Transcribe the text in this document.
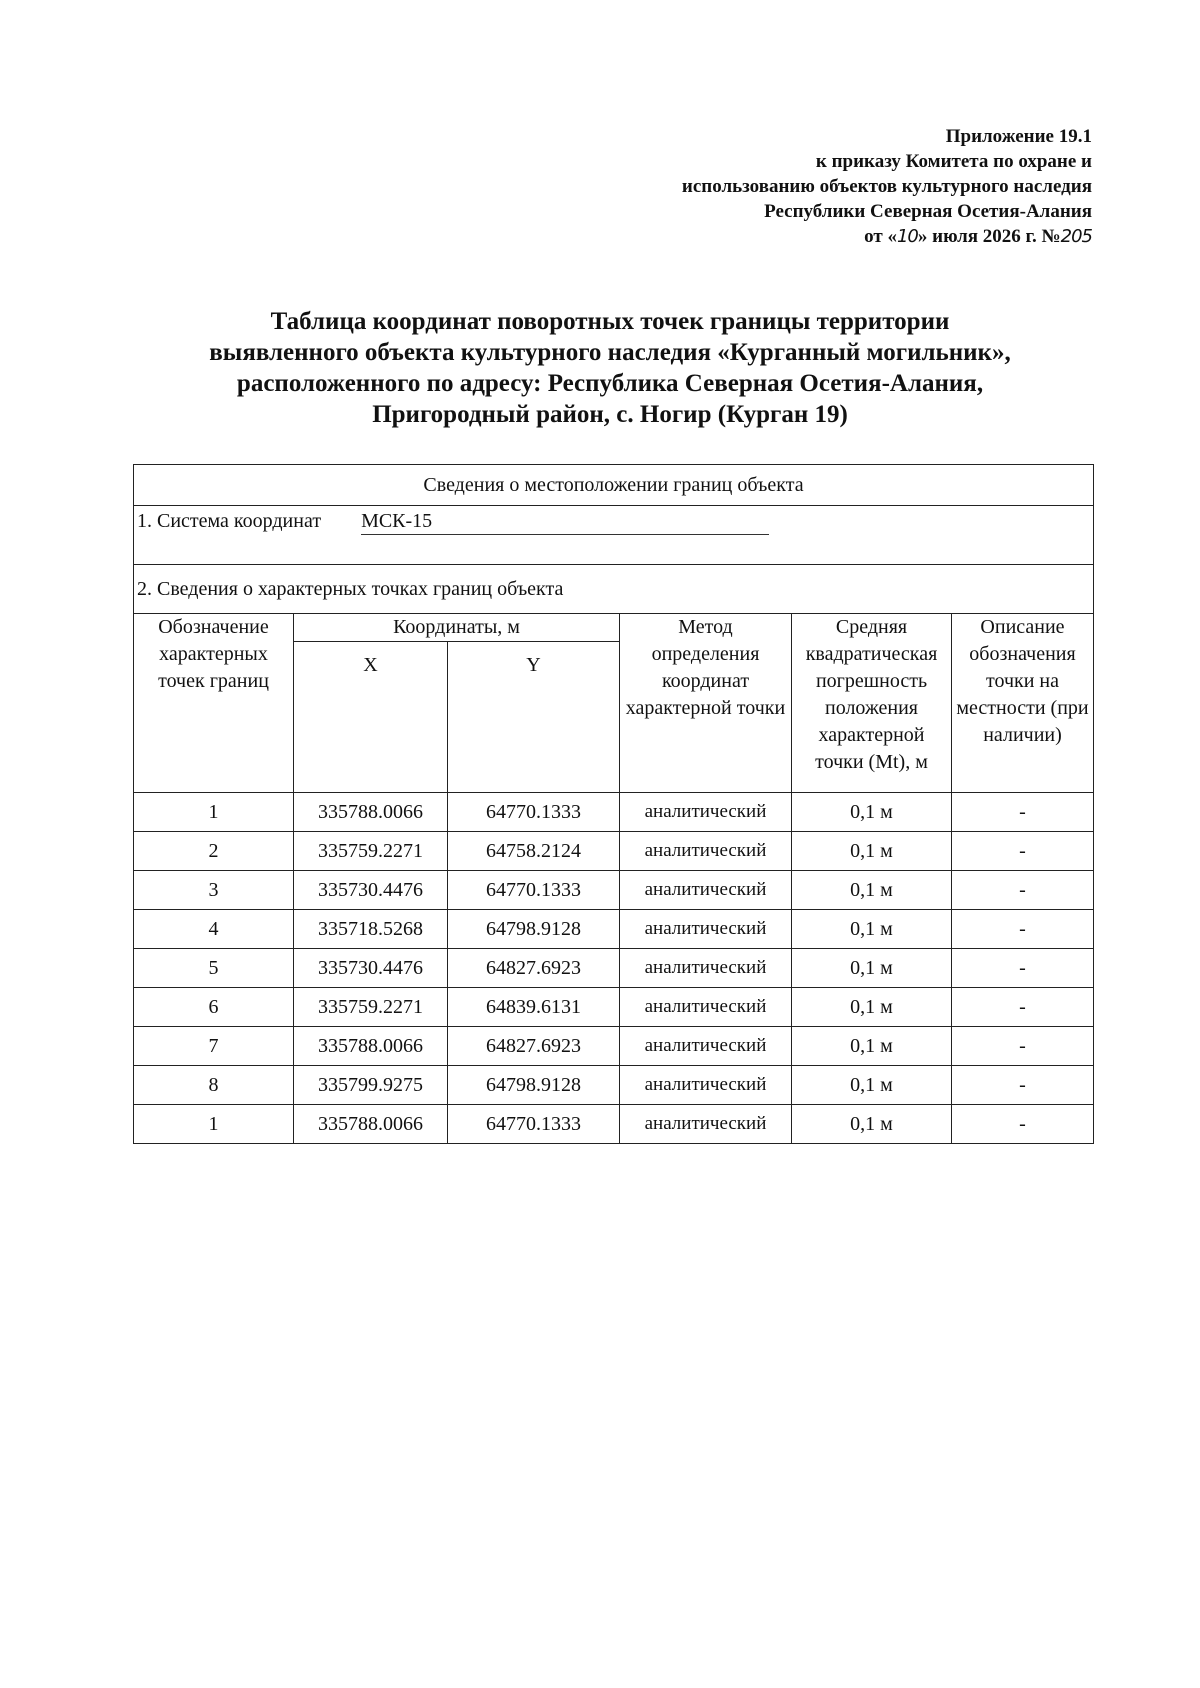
Приложение 19.1
к приказу Комитета по охране и
использованию объектов культурного наследия
Республики Северная Осетия-Алания
от «10» июля 2026 г. №205
Таблица координат поворотных точек границы территории
выявленного объекта культурного наследия «Курганный могильник»,
расположенного по адресу: Республика Северная Осетия-Алания,
Пригородный район, с. Ногир (Курган 19)
Сведения о местоположении границ объекта					
1. Система координат МСК-15					
2. Сведения о характерных точках границ объекта					
Обозначение характерных точек границ	Координаты, м		Метод определения координат характерной точки	Средняя квадратическая погрешность положения характерной точки (Mt), м	Описание обозначения точки на местности (при наличии)
	X	Y			
1	335788.0066	64770.1333	аналитический	0,1 м	-
2	335759.2271	64758.2124	аналитический	0,1 м	-
3	335730.4476	64770.1333	аналитический	0,1 м	-
4	335718.5268	64798.9128	аналитический	0,1 м	-
5	335730.4476	64827.6923	аналитический	0,1 м	-
6	335759.2271	64839.6131	аналитический	0,1 м	-
7	335788.0066	64827.6923	аналитический	0,1 м	-
8	335799.9275	64798.9128	аналитический	0,1 м	-
1	335788.0066	64770.1333	аналитический	0,1 м	-
